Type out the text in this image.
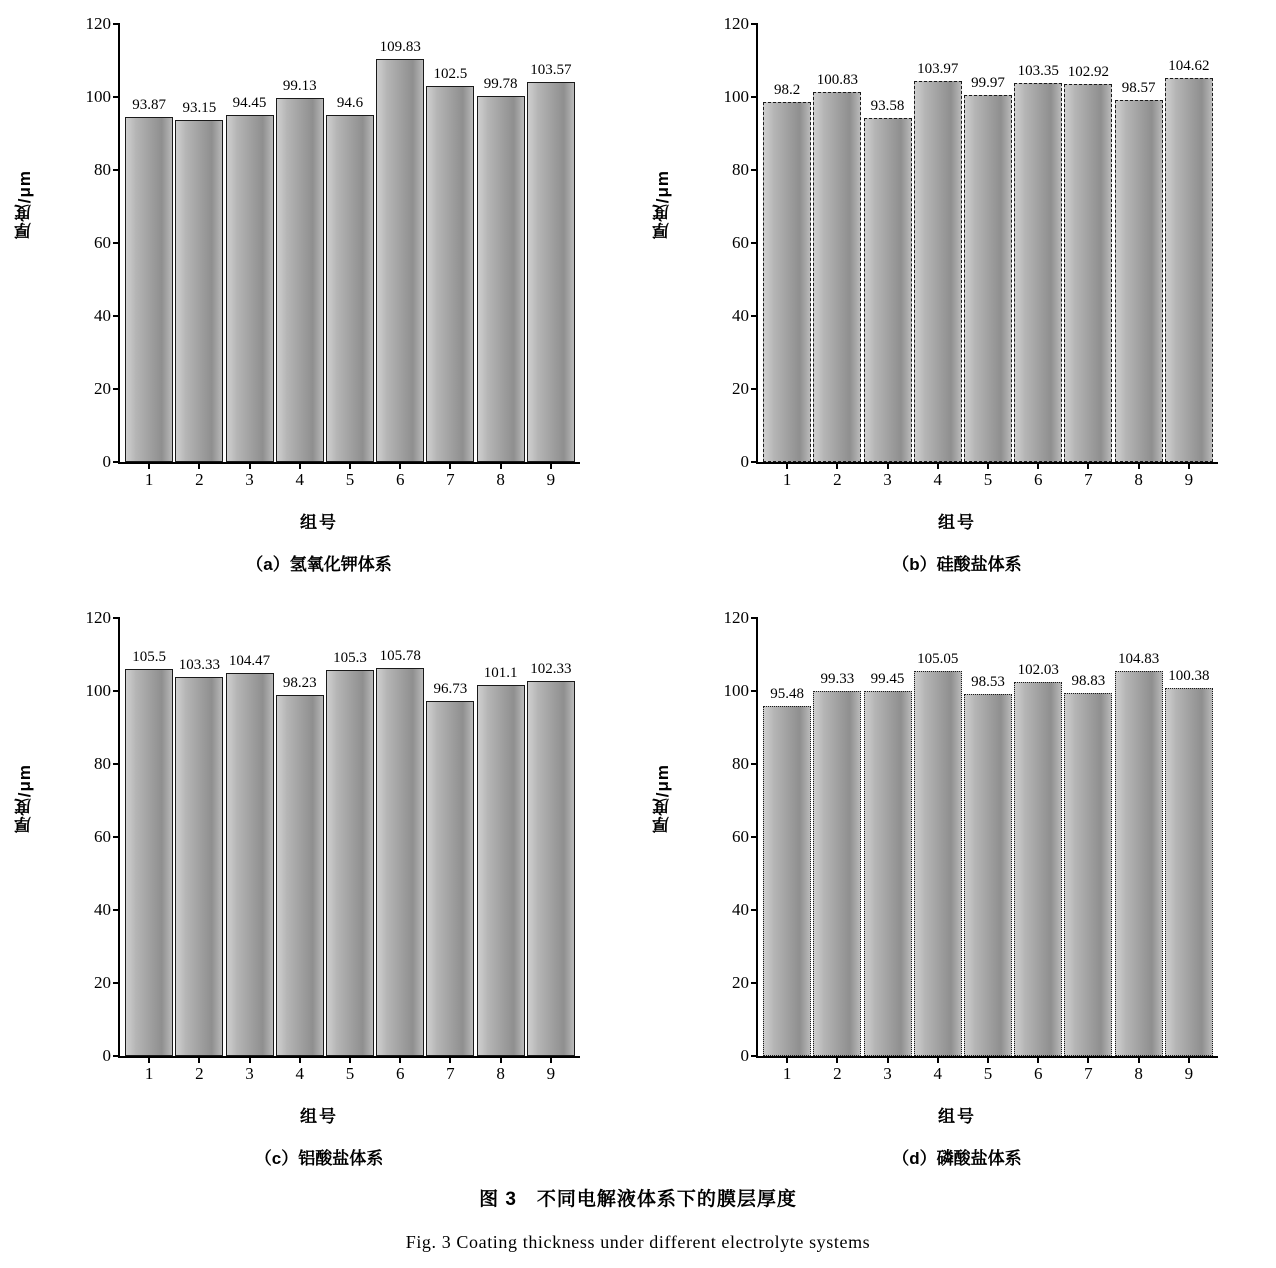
厚度/μm
0
20
40
60
80
100
120
93.87
1
93.15
2
94.45
3
99.13
4
94.6
5
109.83
6
102.5
7
99.78
8
103.57
9
组号
（a）氢氧化钾体系
厚度/μm
0
20
40
60
80
100
120
98.2
1
100.83
2
93.58
3
103.97
4
99.97
5
103.35
6
102.92
7
98.57
8
104.62
9
组号
（b）硅酸盐体系
厚度/μm
0
20
40
60
80
100
120
105.5
1
103.33
2
104.47
3
98.23
4
105.3
5
105.78
6
96.73
7
101.1
8
102.33
9
组号
（c）铝酸盐体系
厚度/μm
0
20
40
60
80
100
120
95.48
1
99.33
2
99.45
3
105.05
4
98.53
5
102.03
6
98.83
7
104.83
8
100.38
9
组号
（d）磷酸盐体系
图 3　不同电解液体系下的膜层厚度
Fig. 3 Coating thickness under different electrolyte systems
